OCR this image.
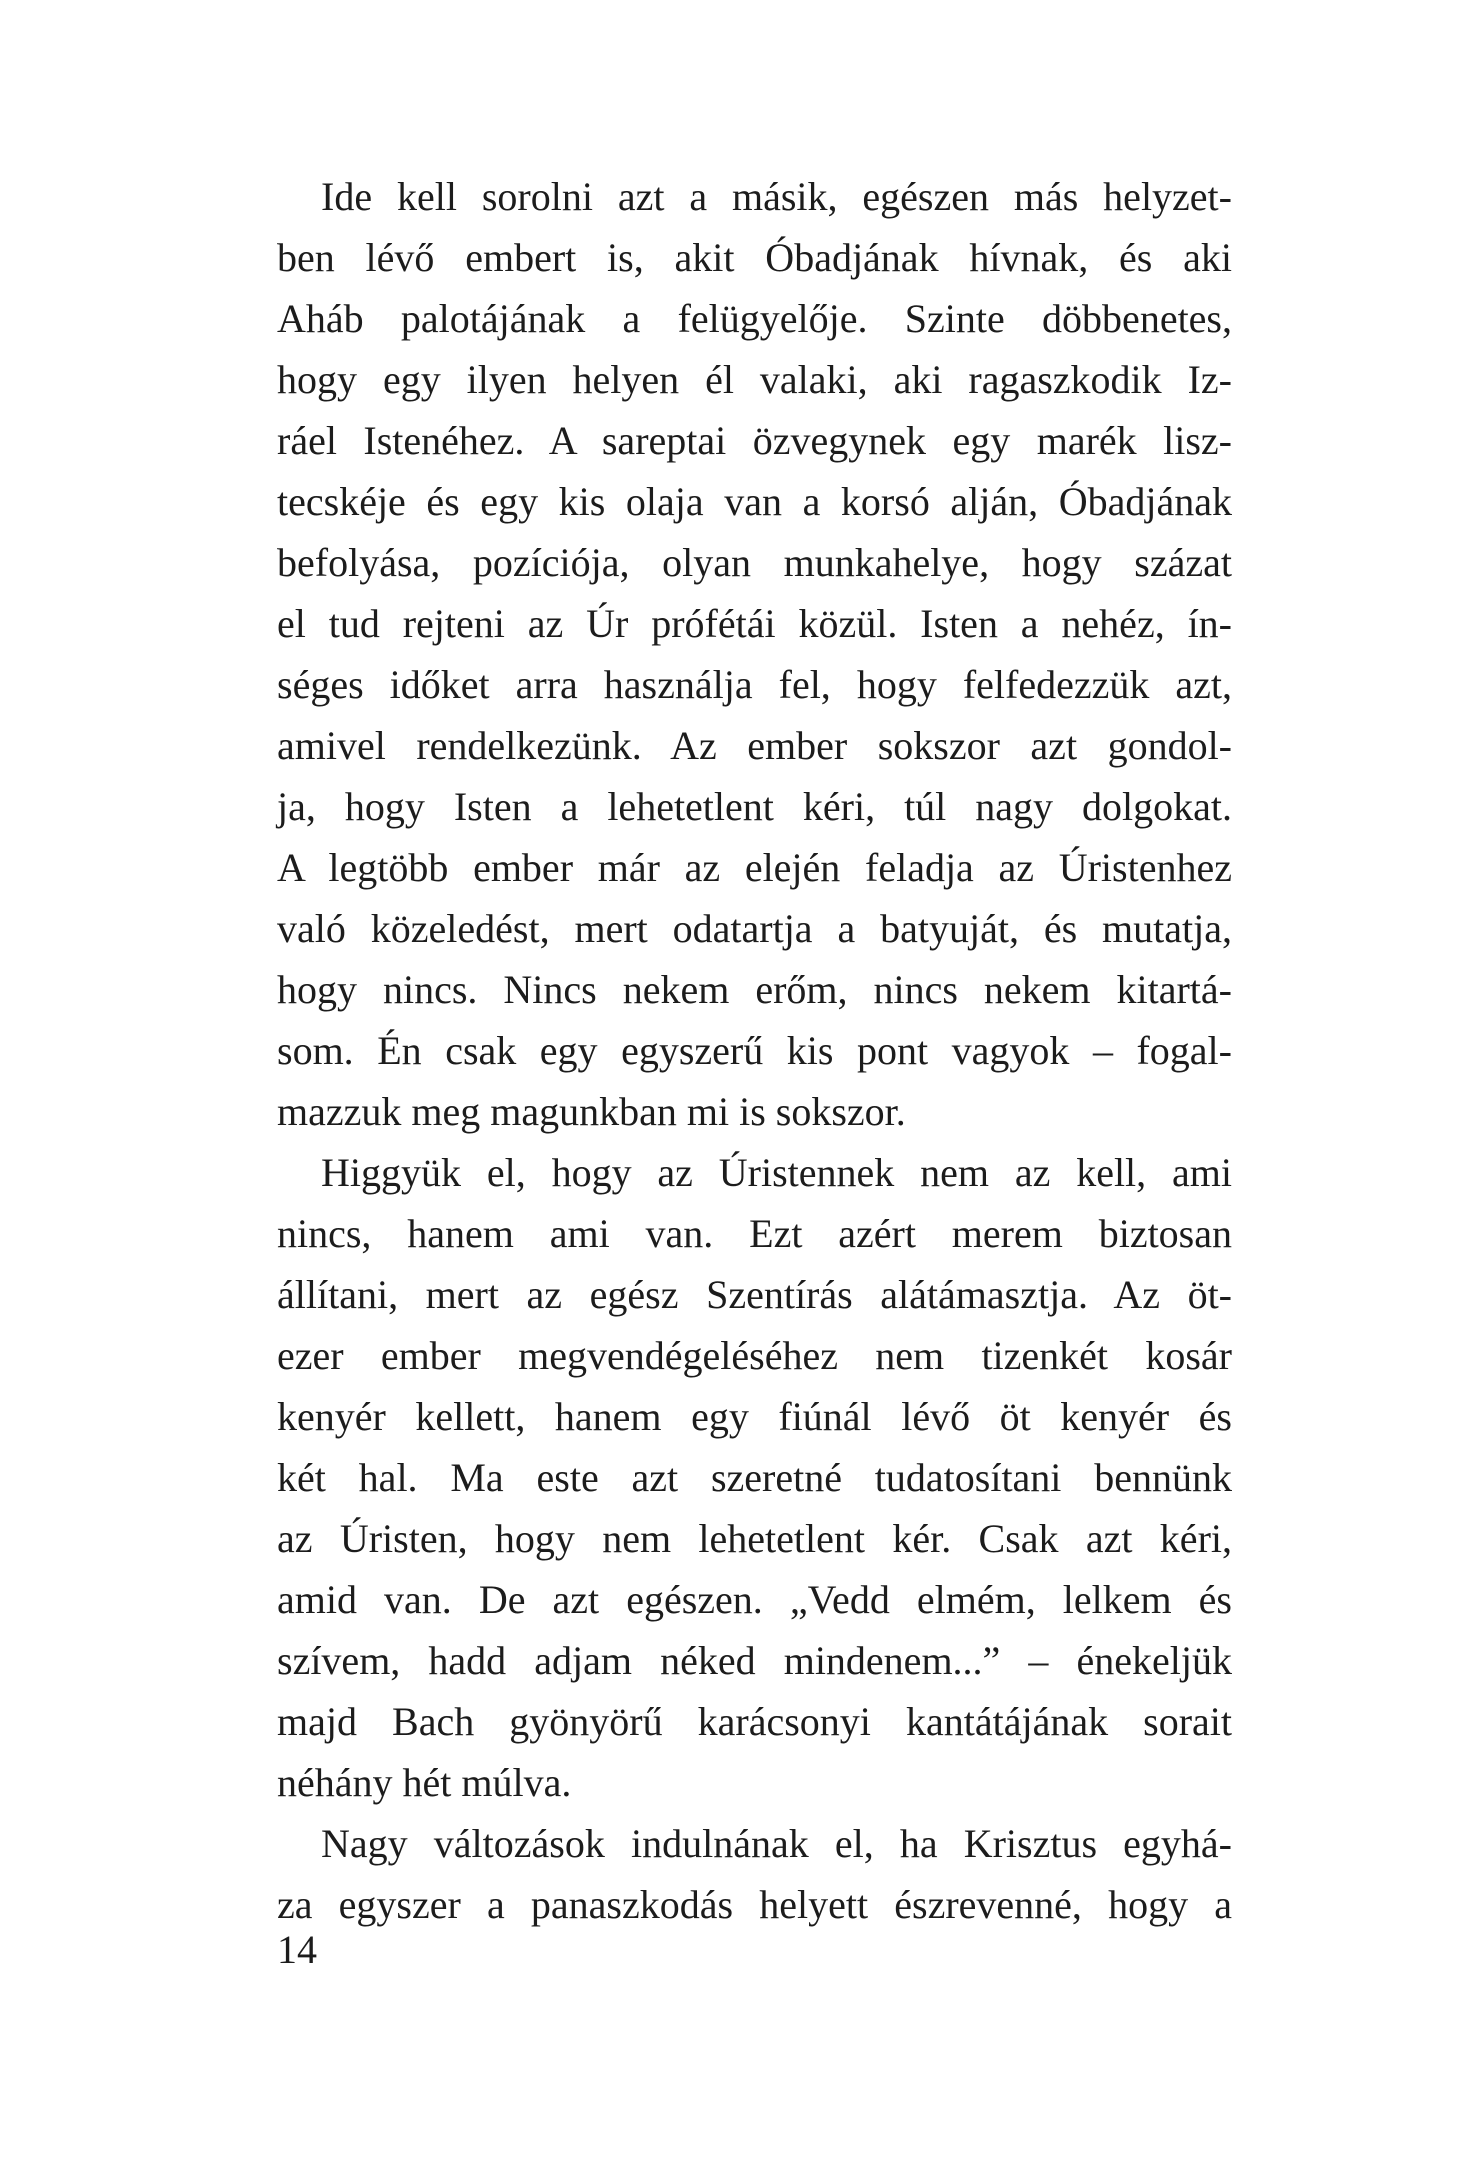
Ide kell sorolni azt a másik, egészen más helyzet-
ben lévő embert is, akit Óbadjának hívnak, és aki
Aháb palotájának a felügyelője. Szinte döbbenetes,
hogy egy ilyen helyen él valaki, aki ragaszkodik Iz-
ráel Istenéhez. A sareptai özvegynek egy marék lisz-
tecskéje és egy kis olaja van a korsó alján, Óbadjának
befolyása, pozíciója, olyan munkahelye, hogy százat
el tud rejteni az Úr prófétái közül. Isten a nehéz, ín-
séges időket arra használja fel, hogy felfedezzük azt,
amivel rendelkezünk. Az ember sokszor azt gondol-
ja, hogy Isten a lehetetlent kéri, túl nagy dolgokat.
A legtöbb ember már az elején feladja az Úristenhez
való közeledést, mert odatartja a batyuját, és mutatja,
hogy nincs. Nincs nekem erőm, nincs nekem kitartá-
som. Én csak egy egyszerű kis pont vagyok – fogal-
mazzuk meg magunkban mi is sokszor.
Higgyük el, hogy az Úristennek nem az kell, ami
nincs, hanem ami van. Ezt azért merem biztosan
állítani, mert az egész Szentírás alátámasztja. Az öt-
ezer ember megvendégeléséhez nem tizenkét kosár
kenyér kellett, hanem egy fiúnál lévő öt kenyér és
két hal. Ma este azt szeretné tudatosítani bennünk
az Úristen, hogy nem lehetetlent kér. Csak azt kéri,
amid van. De azt egészen. „Vedd elmém, lelkem és
szívem, hadd adjam néked mindenem...” – énekeljük
majd Bach gyönyörű karácsonyi kantátájának sorait
néhány hét múlva.
Nagy változások indulnának el, ha Krisztus egyhá-
za egyszer a panaszkodás helyett észrevenné, hogy a
14
